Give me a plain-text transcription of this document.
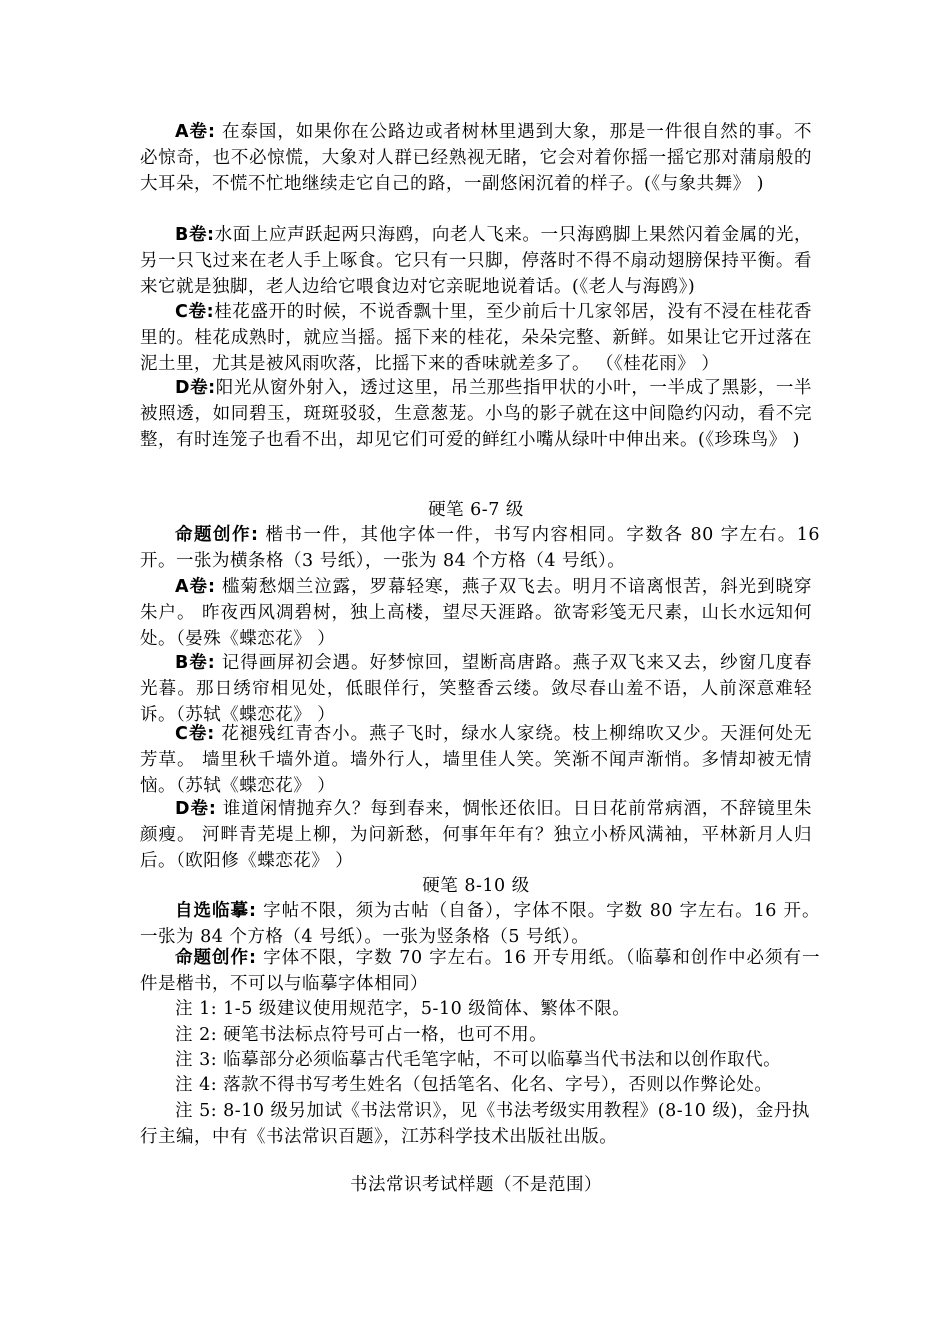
A卷: 在泰国，如果你在公路边或者树林里遇到大象，那是一件很自然的事。不必惊奇，也不必惊慌，大象对人群已经熟视无睹，它会对着你摇一摇它那对蒲扇般的大耳朵，不慌不忙地继续走它自己的路，一副悠闲沉着的样子。(《与象共舞》 )

B卷:水面上应声跃起两只海鸥，向老人飞来。一只海鸥脚上果然闪着金属的光，另一只飞过来在老人手上啄食。它只有一只脚，停落时不得不扇动翅膀保持平衡。看来它就是独脚，老人边给它喂食边对它亲昵地说着话。(《老人与海鸥》)

C卷:桂花盛开的时候，不说香飘十里，至少前后十几家邻居，没有不浸在桂花香里的。桂花成熟时，就应当摇。摇下来的桂花，朵朵完整、新鲜。如果让它开过落在泥土里，尤其是被风雨吹落，比摇下来的香味就差多了。 （《桂花雨》 ）

D卷:阳光从窗外射入，透过这里，吊兰那些指甲状的小叶，一半成了黑影，一半被照透，如同碧玉，斑斑驳驳，生意葱茏。小鸟的影子就在这中间隐约闪动，看不完整，有时连笼子也看不出，却见它们可爱的鲜红小嘴从绿叶中伸出来。(《珍珠鸟》 )

硬笔 6-7 级

命题创作: 楷书一件，其他字体一件，书写内容相同。字数各 80 字左右。16 开。一张为横条格（3 号纸），一张为 84 个方格（4 号纸）。

A卷: 槛菊愁烟兰泣露，罗幕轻寒，燕子双飞去。明月不谙离恨苦，斜光到晓穿朱户。 昨夜西风凋碧树，独上高楼，望尽天涯路。欲寄彩笺无尺素，山长水远知何处。（晏殊《蝶恋花》 ）

B卷: 记得画屏初会遇。好梦惊回，望断高唐路。燕子双飞来又去，纱窗几度春光暮。那日绣帘相见处，低眼佯行，笑整香云缕。敛尽春山羞不语，人前深意难轻诉。（苏轼《蝶恋花》 ）

C卷: 花褪残红青杏小。燕子飞时，绿水人家绕。枝上柳绵吹又少。天涯何处无芳草。 墙里秋千墙外道。墙外行人，墙里佳人笑。笑渐不闻声渐悄。多情却被无情恼。（苏轼《蝶恋花》 ）

D卷: 谁道闲情抛弃久？每到春来，惆怅还依旧。日日花前常病酒，不辞镜里朱颜瘦。 河畔青芜堤上柳，为问新愁，何事年年有？独立小桥风满袖，平林新月人归后。（欧阳修《蝶恋花》 ）

硬笔 8-10 级

自选临摹: 字帖不限，须为古帖（自备），字体不限。字数 80 字左右。16 开。一张为 84 个方格（4 号纸）。一张为竖条格（5 号纸）。

命题创作: 字体不限，字数 70 字左右。16 开专用纸。（临摹和创作中必须有一件是楷书，不可以与临摹字体相同）

注 1: 1-5 级建议使用规范字，5-10 级简体、繁体不限。

注 2: 硬笔书法标点符号可占一格，也可不用。

注 3: 临摹部分必须临摹古代毛笔字帖，不可以临摹当代书法和以创作取代。

注 4: 落款不得书写考生姓名（包括笔名、化名、字号），否则以作弊论处。

注 5: 8-10 级另加试《书法常识》，见《书法考级实用教程》(8-10 级)，金丹执行主编，中有《书法常识百题》，江苏科学技术出版社出版。

书法常识考试样题（不是范围）
